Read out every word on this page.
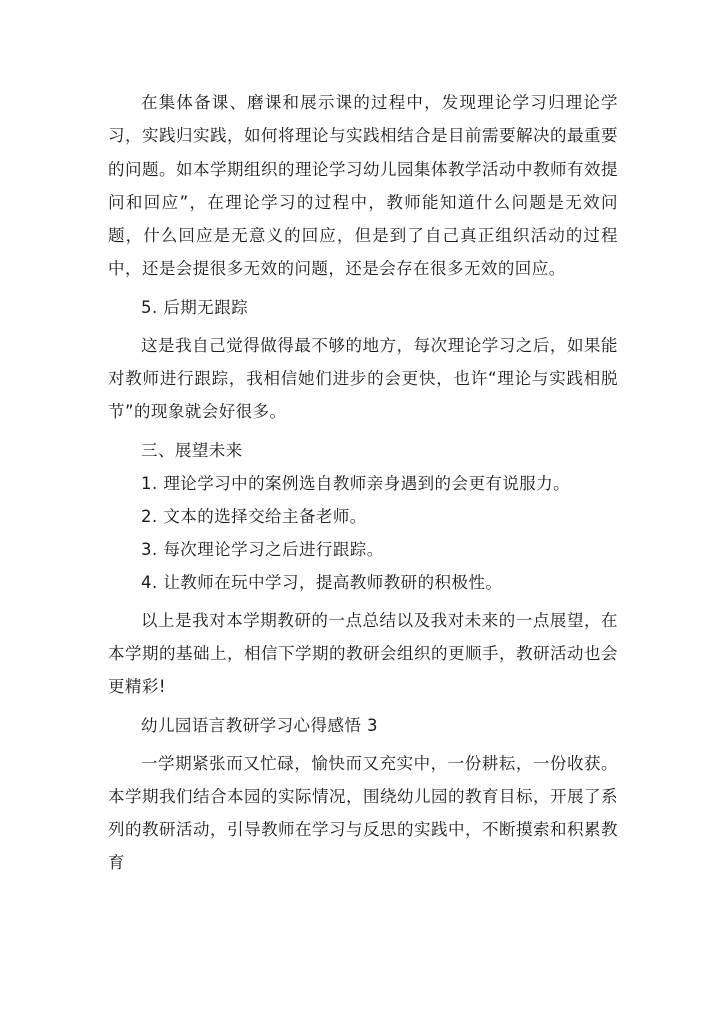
在集体备课、磨课和展示课的过程中，发现理论学习归理论学习，实践归实践，如何将理论与实践相结合是目前需要解决的最重要的问题。如本学期组织的理论学习幼儿园集体教学活动中教师有效提问和回应”，在理论学习的过程中，教师能知道什么问题是无效问题，什么回应是无意义的回应，但是到了自己真正组织活动的过程中，还是会提很多无效的问题，还是会存在很多无效的回应。

5. 后期无跟踪

这是我自己觉得做得最不够的地方，每次理论学习之后，如果能对教师进行跟踪，我相信她们进步的会更快，也许“理论与实践相脱节”的现象就会好很多。

三、展望未来

1. 理论学习中的案例选自教师亲身遇到的会更有说服力。

2. 文本的选择交给主备老师。

3. 每次理论学习之后进行跟踪。

4. 让教师在玩中学习，提高教师教研的积极性。

以上是我对本学期教研的一点总结以及我对未来的一点展望，在本学期的基础上，相信下学期的教研会组织的更顺手，教研活动也会更精彩!

幼儿园语言教研学习心得感悟 3

一学期紧张而又忙碌，愉快而又充实中，一份耕耘，一份收获。本学期我们结合本园的实际情况，围绕幼儿园的教育目标，开展了系列的教研活动，引导教师在学习与反思的实践中，不断摸索和积累教育
